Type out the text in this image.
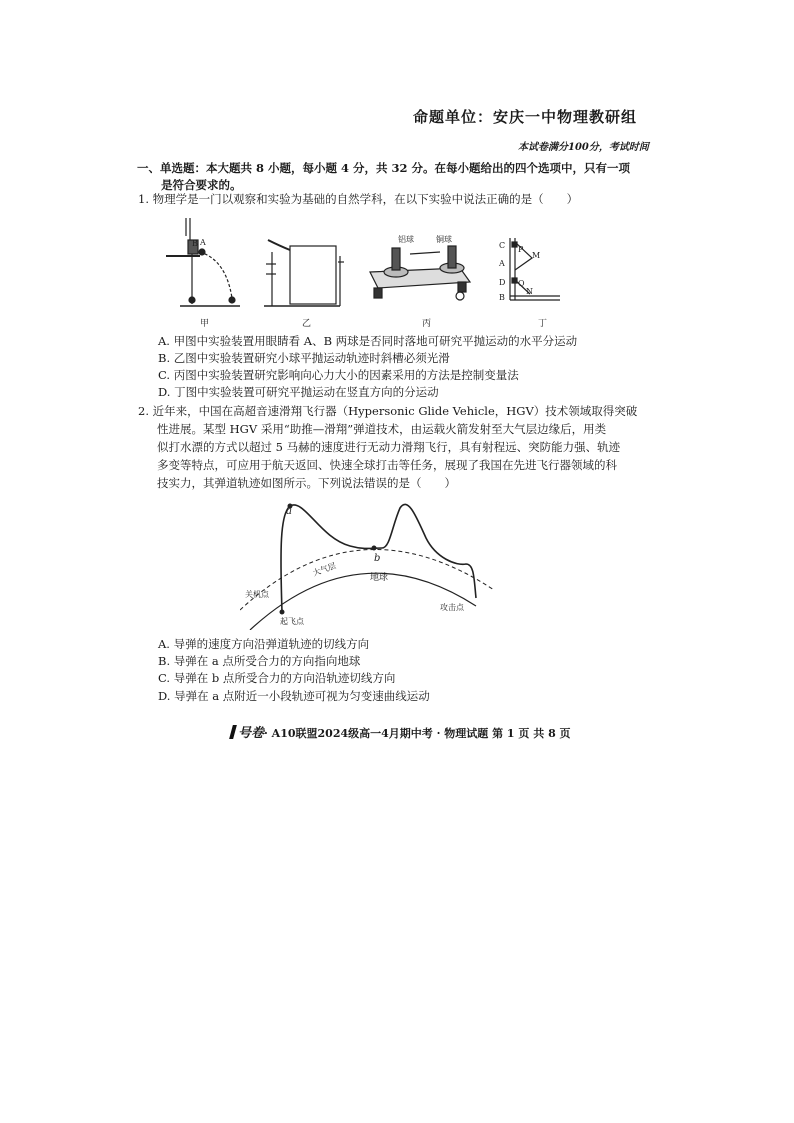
命题单位：安庆一中物理教研组
本试卷满分100分，考试时间
一、单选题：本大题共 8 小题，每小题 4 分，共 32 分。在每小题给出的四个选项中，只有一项
是符合要求的。
1. 物理学是一门以观察和实验为基础的自然学科，在以下实验中说法正确的是（　　）
B A
甲	乙
铝球	铜球
丙
C P
M
A
D Q
N
B
丁
A. 甲图中实验装置用眼睛看 A、B 两球是否同时落地可研究平抛运动的水平分运动
B. 乙图中实验装置研究小球平抛运动轨迹时斜槽必须光滑
C. 丙图中实验装置研究影响向心力大小的因素采用的方法是控制变量法
D. 丁图中实验装置可研究平抛运动在竖直方向的分运动
2. 近年来，中国在高超音速滑翔飞行器（Hypersonic Glide Vehicle，HGV）技术领域取得突破
性进展。某型 HGV 采用“助推—滑翔”弹道技术，由运载火箭发射至大气层边缘后，用类
似打水漂的方式以超过 5 马赫的速度进行无动力滑翔飞行，具有射程远、突防能力强、轨迹
多变等特点，可应用于航天返回、快速全球打击等任务，展现了我国在先进飞行器领域的科
技实力，其弹道轨迹如图所示。下列说法错误的是（　　）
a
b
大气层
地球
关机点
起飞点
攻击点
A. 导弹的速度方向沿弹道轨迹的切线方向
B. 导弹在 a 点所受合力的方向指向地球
C. 导弹在 b 点所受合力的方向沿轨迹切线方向
D. 导弹在 a 点附近一小段轨迹可视为匀变速曲线运动
号卷· A10联盟2024级高一4月期中考 · 物理试题 第 1 页 共 8 页
